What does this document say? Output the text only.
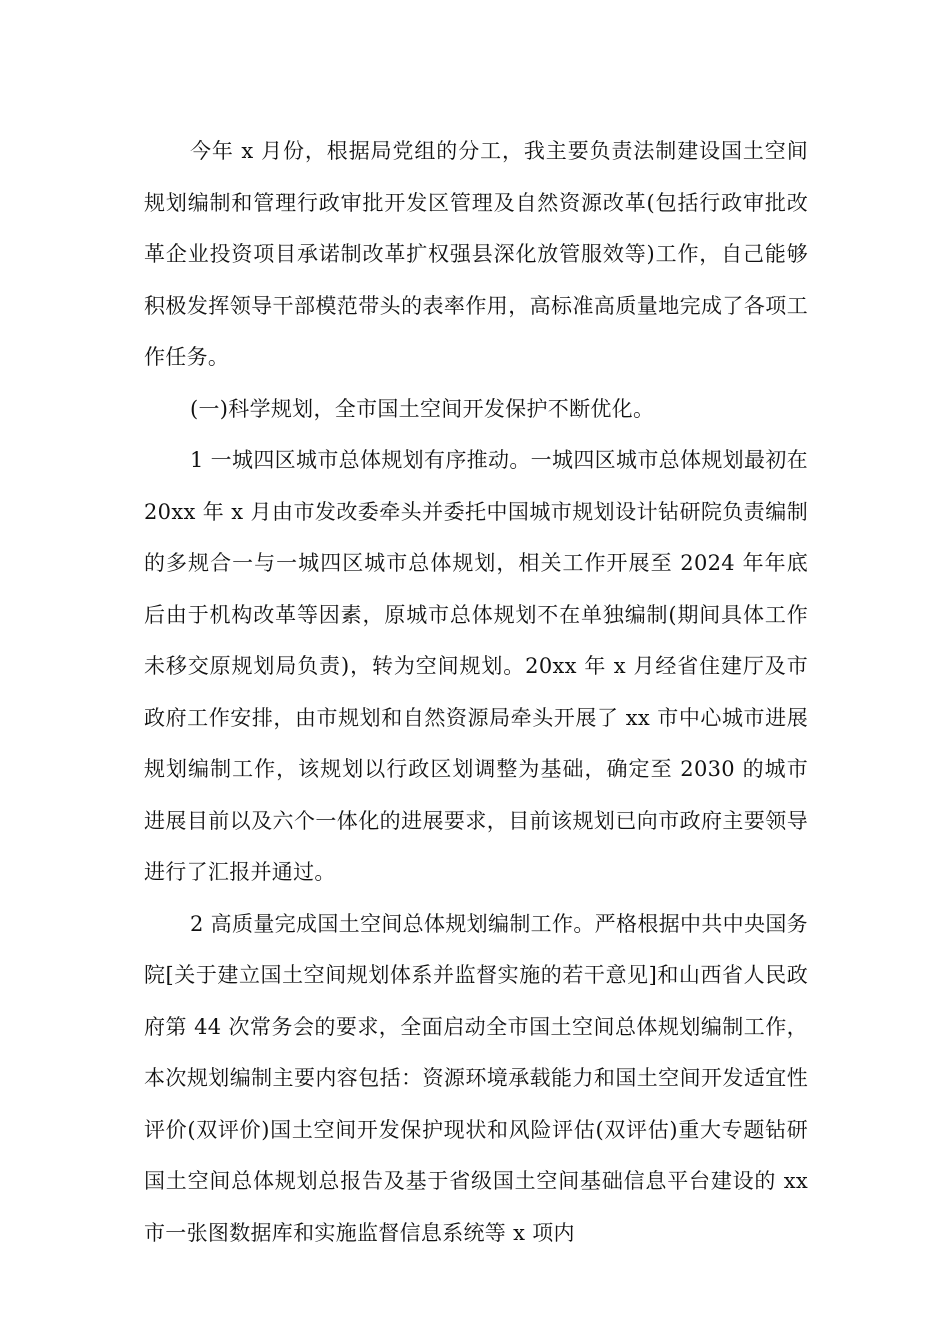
今年 x 月份，根据局党组的分工，我主要负责法制建设国土空间规划编制和管理行政审批开发区管理及自然资源改革(包括行政审批改革企业投资项目承诺制改革扩权强县深化放管服效等)工作，自己能够积极发挥领导干部模范带头的表率作用，高标准高质量地完成了各项工作任务。

(一)科学规划，全市国土空间开发保护不断优化。

1 一城四区城市总体规划有序推动。一城四区城市总体规划最初在 20xx 年 x 月由市发改委牵头并委托中国城市规划设计钻研院负责编制的多规合一与一城四区城市总体规划，相关工作开展至 2024 年年底后由于机构改革等因素，原城市总体规划不在单独编制(期间具体工作未移交原规划局负责)，转为空间规划。20xx 年 x 月经省住建厅及市政府工作安排，由市规划和自然资源局牵头开展了 xx 市中心城市进展规划编制工作，该规划以行政区划调整为基础，确定至 2030 的城市进展目前以及六个一体化的进展要求，目前该规划已向市政府主要领导进行了汇报并通过。

2 高质量完成国土空间总体规划编制工作。严格根据中共中央国务院[关于建立国土空间规划体系并监督实施的若干意见]和山西省人民政府第 44 次常务会的要求，全面启动全市国土空间总体规划编制工作，本次规划编制主要内容包括：资源环境承载能力和国土空间开发适宜性评价(双评价)国土空间开发保护现状和风险评估(双评估)重大专题钻研国土空间总体规划总报告及基于省级国土空间基础信息平台建设的 xx 市一张图数据库和实施监督信息系统等 x 项内
